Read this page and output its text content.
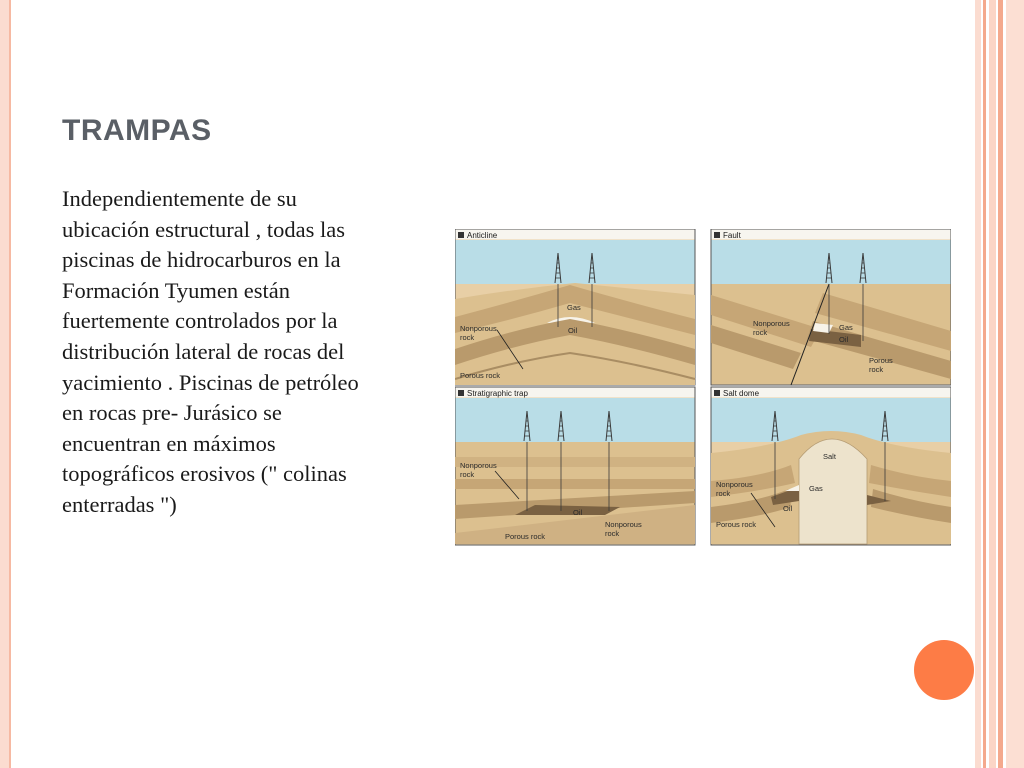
TRAMPAS
Independientemente de su
ubicación estructural , todas las
piscinas de hidrocarburos en la
Formación Tyumen están
fuertemente controlados por la
distribución lateral de rocas del
yacimiento . Piscinas de petróleo
en rocas pre- Jurásico se
encuentran en máximos
topográficos erosivos (" colinas
enterradas ")
Anticline
Gas
Oil
Nonporous
rock
Porous rock
Fault
Gas
Oil
Nonporous
rock
Porous
rock
Stratigraphic trap
Oil
Nonporous
rock
Nonporous
rock
Porous rock
Salt dome
Salt
Gas
Oil
Nonporous
rock
Porous rock
